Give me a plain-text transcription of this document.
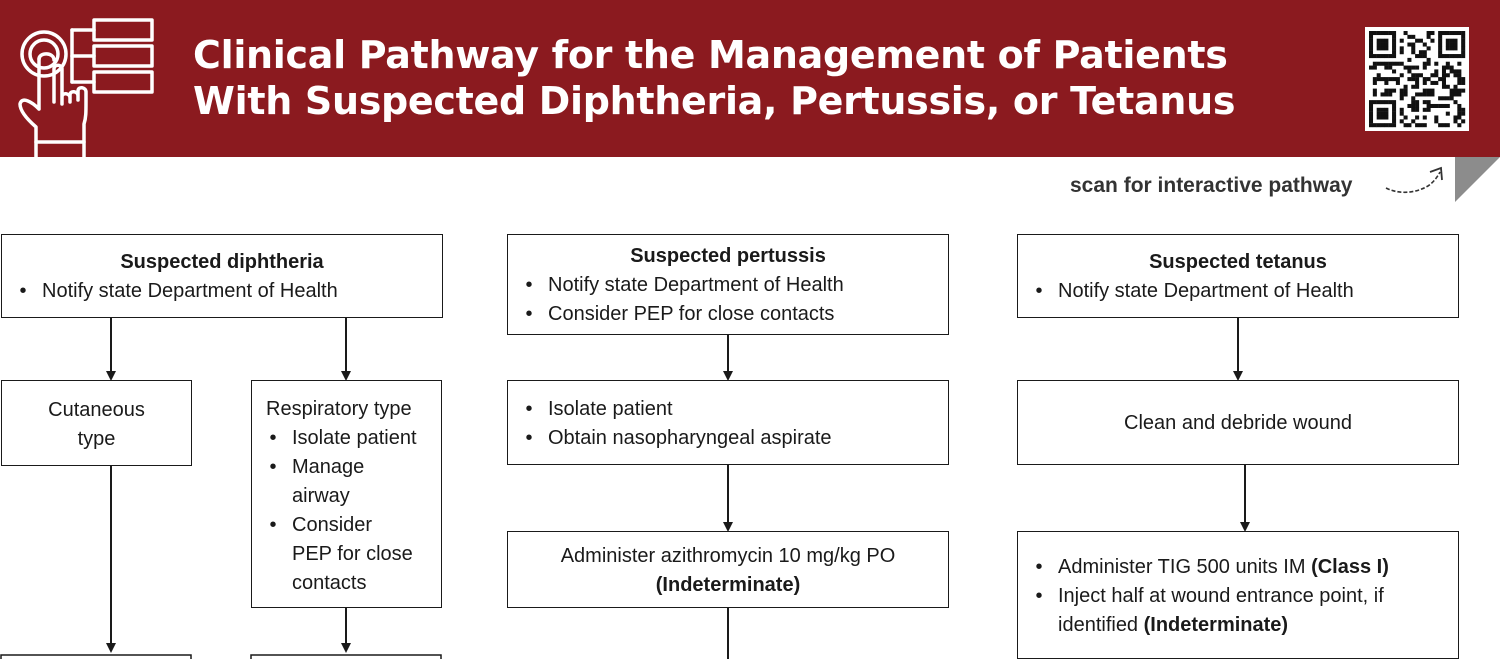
Clinical Pathway for the Management of Patients
With Suspected Diphtheria, Pertussis, or Tetanus
scan for interactive pathway
Suspected diphtheria
• Notify state Department of Health
Cutaneous
type
Respiratory type
• Isolate patient
• Manage
airway
• Consider
PEP for close
contacts
Suspected pertussis
• Notify state Department of Health
• Consider PEP for close contacts
• Isolate patient
• Obtain nasopharyngeal aspirate
Administer azithromycin 10 mg/kg PO
(Indeterminate)
Suspected tetanus
• Notify state Department of Health
Clean and debride wound
• Administer TIG 500 units IM (Class I)
• Inject half at wound entrance point, if
identified (Indeterminate)
